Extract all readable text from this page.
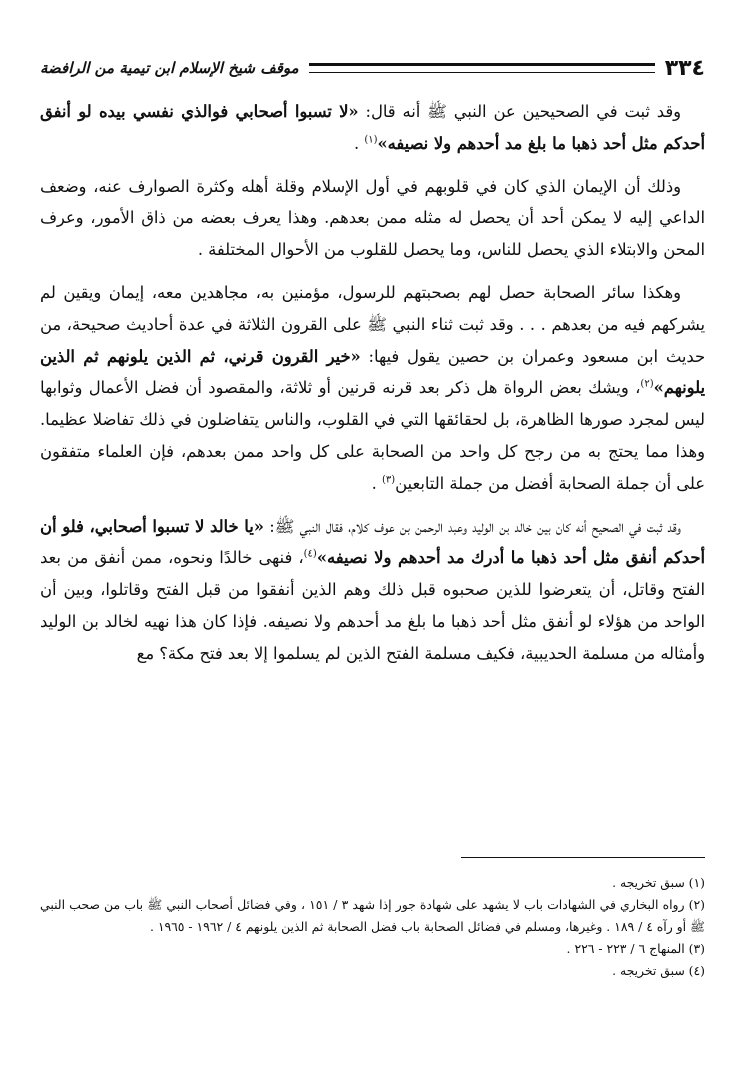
موقف شيخ الإسلام ابن تيمية من الرافضة	٣٣٤

وقد ثبت في الصحيحين عن النبي ﷺ أنه قال: «لا تسبوا أصحابي فوالذي نفسي بيده لو أنفق أحدكم مثل أحد ذهبا ما بلغ مد أحدهم ولا نصيفه»$^{(١)}$ .

وذلك أن الإيمان الذي كان في قلوبهم في أول الإسلام وقلة أهله وكثرة الصوارف عنه، وضعف الداعي إليه لا يمكن أحد أن يحصل له مثله ممن بعدهم. وهذا يعرف بعضه من ذاق الأمور، وعرف المحن والابتلاء الذي يحصل للناس، وما يحصل للقلوب من الأحوال المختلفة .

وهكذا سائر الصحابة حصل لهم بصحبتهم للرسول، مؤمنين به، مجاهدين معه، إيمان ويقين لم يشركهم فيه من بعدهم . . . وقد ثبت ثناء النبي ﷺ على القرون الثلاثة في عدة أحاديث صحيحة، من حديث ابن مسعود وعمران بن حصين يقول فيها: «خير القرون قرني، ثم الذين يلونهم ثم الذين يلونهم»$^{(٢)}$، ويشك بعض الرواة هل ذكر بعد قرنه قرنين أو ثلاثة، والمقصود أن فضل الأعمال وثوابها ليس لمجرد صورها الظاهرة، بل لحقائقها التي في القلوب، والناس يتفاضلون في ذلك تفاضلا عظيما. وهذا مما يحتج به من رجح كل واحد من الصحابة على كل واحد ممن بعدهم، فإن العلماء متفقون على أن جملة الصحابة أفضل من جملة التابعين$^{(٣)}$ .

وقد ثبت في الصحيح أنه كان بين خالد بن الوليد وعبد الرحمن بن عوف كلام، فقال النبي ﷺ: «يا خالد لا تسبوا أصحابي، فلو أن أحدكم أنفق مثل أحد ذهبا ما أدرك مد أحدهم ولا نصيفه»$^{(٤)}$، فنهى خالدًا ونحوه، ممن أنفق من بعد الفتح وقاتل، أن يتعرضوا للذين صحبوه قبل ذلك وهم الذين أنفقوا من قبل الفتح وقاتلوا، وبين أن الواحد من هؤلاء لو أنفق مثل أحد ذهبا ما بلغ مد أحدهم ولا نصيفه. فإذا كان هذا نهيه لخالد بن الوليد وأمثاله من مسلمة الحديبية، فكيف مسلمة الفتح الذين لم يسلموا إلا بعد فتح مكة؟ مع

(١) سبق تخريجه .

(٢) رواه البخاري في الشهادات باب لا يشهد على شهادة جور إذا شهد ٣ / ١٥١ ، وفي فضائل أصحاب النبي ﷺ باب من صحب النبي ﷺ أو رآه ٤ / ١٨٩ . وغيرها، ومسلم في فضائل الصحابة باب فضل الصحابة ثم الذين يلونهم ٤ / ١٩٦٢ - ١٩٦٥ .

(٣) المنهاج ٦ / ٢٢٣ - ٢٢٦ .

(٤) سبق تخريجه .
